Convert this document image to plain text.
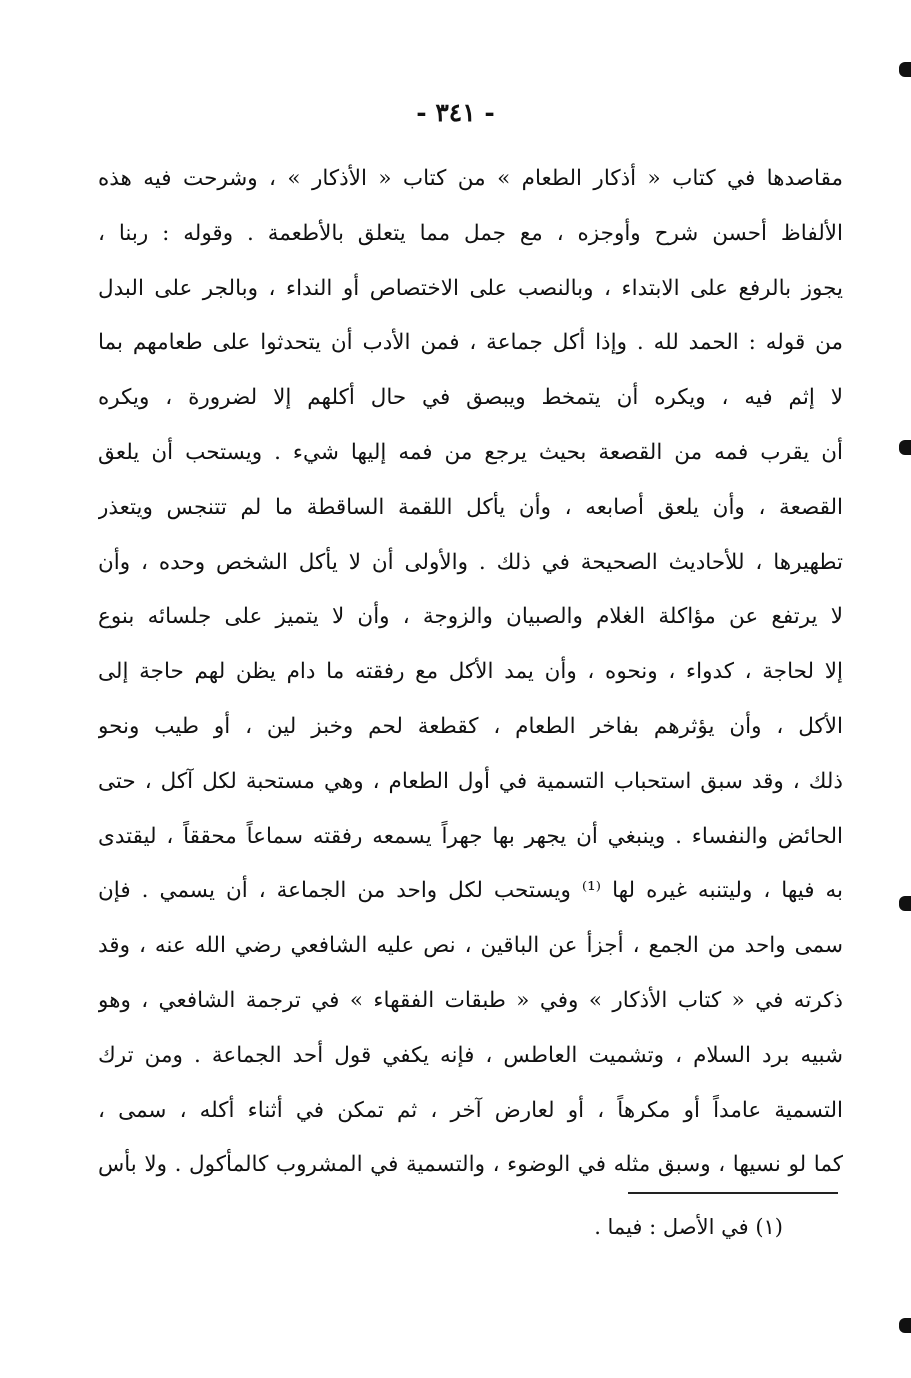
- ٣٤١ -
مقاصدها في كتاب « أذكار الطعام » من كتاب « الأذكار » ، وشرحت فيه هذه
الألفاظ أحسن شرح وأوجزه ، مع جمل مما يتعلق بالأطعمة . وقوله : ربنا ،
يجوز بالرفع على الابتداء ، وبالنصب على الاختصاص أو النداء ، وبالجر على البدل
من قوله : الحمد لله . وإذا أكل جماعة ، فمن الأدب أن يتحدثوا على طعامهم بما
لا إثم فيه ، ويكره أن يتمخط ويبصق في حال أكلهم إلا لضرورة ، ويكره
أن يقرب فمه من القصعة بحيث يرجع من فمه إليها شيء . ويستحب أن يلعق
القصعة ، وأن يلعق أصابعه ، وأن يأكل اللقمة الساقطة ما لم تتنجس ويتعذر
تطهيرها ، للأحاديث الصحيحة في ذلك . والأولى أن لا يأكل الشخص وحده ، وأن
لا يرتفع عن مؤاكلة الغلام والصبيان والزوجة ، وأن لا يتميز على جلسائه بنوع
إلا لحاجة ، كدواء ، ونحوه ، وأن يمد الأكل مع رفقته ما دام يظن لهم حاجة إلى
الأكل ، وأن يؤثرهم بفاخر الطعام ، كقطعة لحم وخبز لين ، أو طيب ونحو
ذلك ، وقد سبق استحباب التسمية في أول الطعام ، وهي مستحبة لكل آكل ، حتى
الحائض والنفساء . وينبغي أن يجهر بها جهراً يسمعه رفقته سماعاً محققاً ، ليقتدى
به فيها ، وليتنبه غيره لها ⁽¹⁾ ويستحب لكل واحد من الجماعة ، أن يسمي . فإن
سمى واحد من الجمع ، أجزأ عن الباقين ، نص عليه الشافعي رضي الله عنه ، وقد
ذكرته في « كتاب الأذكار » وفي « طبقات الفقهاء » في ترجمة الشافعي ، وهو
شبيه برد السلام ، وتشميت العاطس ، فإنه يكفي قول أحد الجماعة . ومن ترك
التسمية عامداً أو مكرهاً ، أو لعارض آخر ، ثم تمكن في أثناء أكله ، سمى ،
كما لو نسيها ، وسبق مثله في الوضوء ، والتسمية في المشروب كالمأكول . ولا بأس
(١) في الأصل : فيما .
